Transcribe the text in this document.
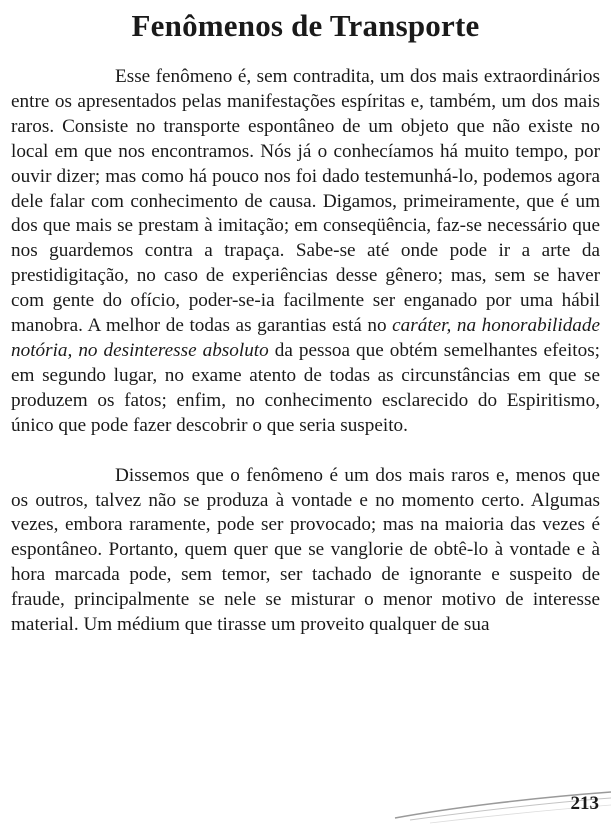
Fenômenos de Transporte

Esse fenômeno é, sem contradita, um dos mais extraordinários entre os apresentados pelas manifestações espíritas e, também, um dos mais raros. Consiste no transporte espontâneo de um objeto que não existe no local em que nos encontramos. Nós já o conhecíamos há muito tempo, por ouvir dizer; mas como há pouco nos foi dado testemunhá-lo, podemos agora dele falar com conhecimento de causa. Digamos, primeiramente, que é um dos que mais se prestam à imitação; em conseqüência, faz-se necessário que nos guardemos contra a trapaça. Sabe-se até onde pode ir a arte da prestidigitação, no caso de experiências desse gênero; mas, sem se haver com gente do ofício, poder-se-ia facilmente ser enganado por uma hábil manobra. A melhor de todas as garantias está no caráter, na honorabilidade notória, no desinteresse absoluto da pessoa que obtém semelhantes efeitos; em segundo lugar, no exame atento de todas as circunstâncias em que se produzem os fatos; enfim, no conhecimento esclarecido do Espiritismo, único que pode fazer descobrir o que seria suspeito.

Dissemos que o fenômeno é um dos mais raros e, menos que os outros, talvez não se produza à vontade e no momento certo. Algumas vezes, embora raramente, pode ser provocado; mas na maioria das vezes é espontâneo. Portanto, quem quer que se vanglorie de obtê-lo à vontade e à hora marcada pode, sem temor, ser tachado de ignorante e suspeito de fraude, principalmente se nele se misturar o menor motivo de interesse material. Um médium que tirasse um proveito qualquer de sua

213
